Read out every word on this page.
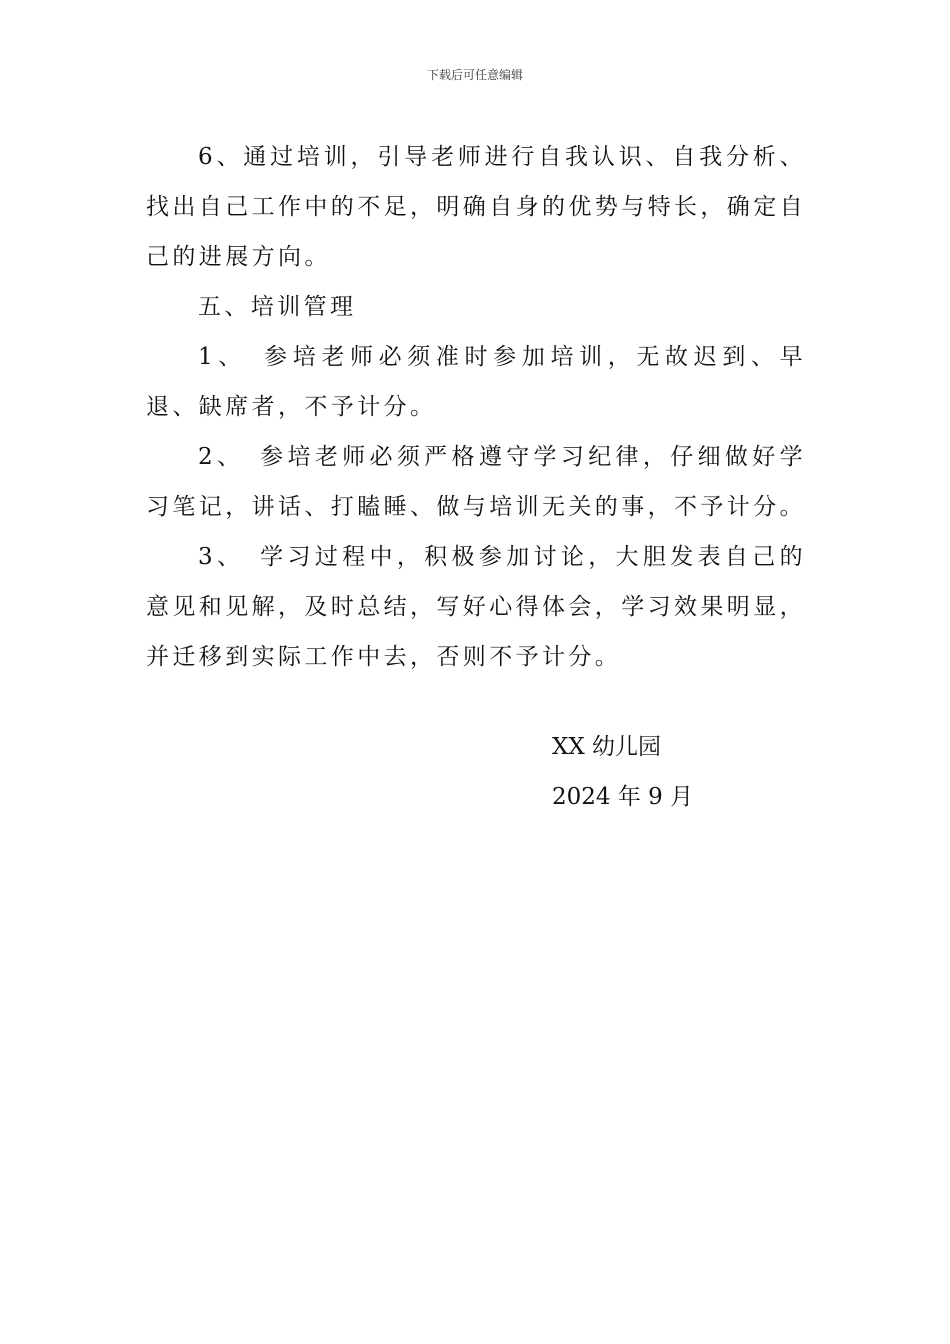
下载后可任意编辑

6、通过培训，引导老师进行自我认识、自我分析、找出自己工作中的不足，明确自身的优势与特长，确定自己的进展方向。

五、培训管理

1、　参培老师必须准时参加培训，无故迟到、早退、缺席者，不予计分。

2、　参培老师必须严格遵守学习纪律，仔细做好学习笔记，讲话、打瞌睡、做与培训无关的事，不予计分。

3、　学习过程中，积极参加讨论，大胆发表自己的意见和见解，及时总结，写好心得体会，学习效果明显，并迁移到实际工作中去，否则不予计分。

XX 幼儿园
2024 年 9 月
